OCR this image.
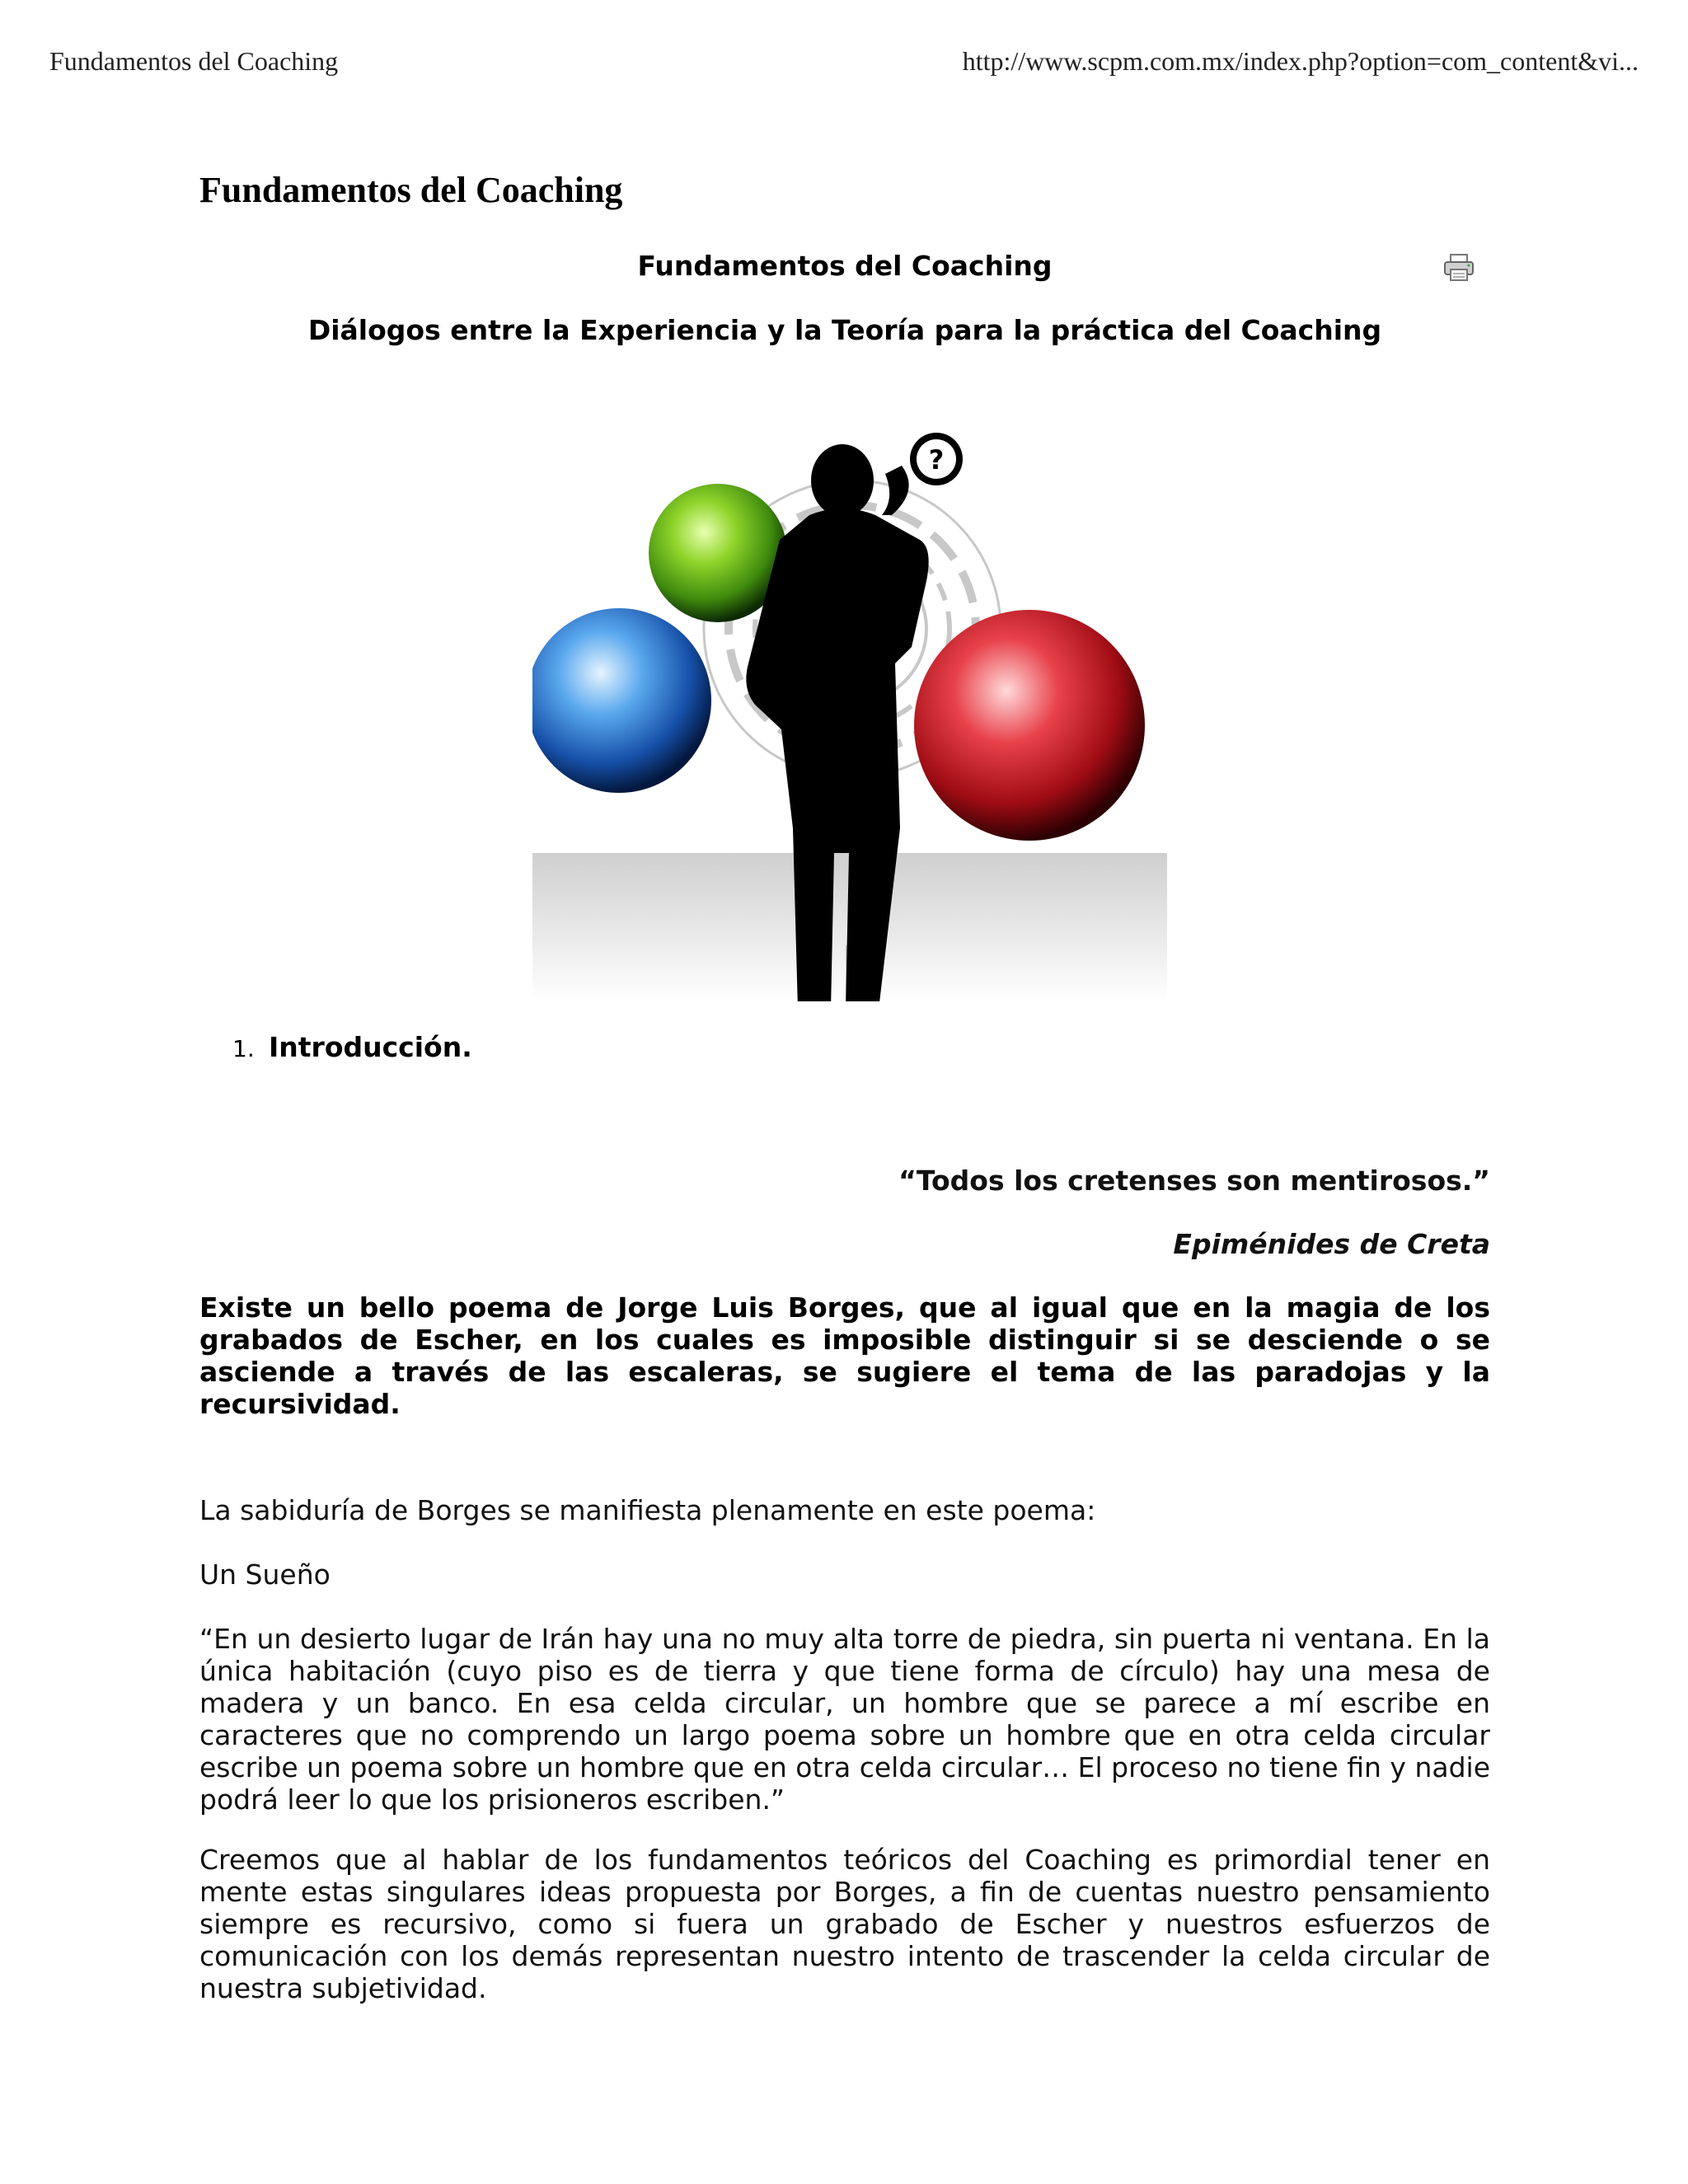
Fundamentos del Coaching	http://www.scpm.com.mx/index.php?option=com_content&vi...
Fundamentos del Coaching
Fundamentos del Coaching
Diálogos entre la Experiencia y la Teoría para la práctica del Coaching
?
1. Introducción.
“Todos los cretenses son mentirosos.”
Epiménides de Creta

Existe un bello poema de Jorge Luis Borges, que al igual que en la magia de los grabados de Escher, en los cuales es imposible distinguir si se desciende o se asciende a través de las escaleras, se sugiere el tema de las paradojas y la recursividad.

La sabiduría de Borges se manifiesta plenamente en este poema:

Un Sueño

“En un desierto lugar de Irán hay una no muy alta torre de piedra, sin puerta ni ventana. En la única habitación (cuyo piso es de tierra y que tiene forma de círculo) hay una mesa de madera y un banco. En esa celda circular, un hombre que se parece a mí escribe en caracteres que no comprendo un largo poema sobre un hombre que en otra celda circular escribe un poema sobre un hombre que en otra celda circular… El proceso no tiene fin y nadie podrá leer lo que los prisioneros escriben.”

Creemos que al hablar de los fundamentos teóricos del Coaching es primordial tener en mente estas singulares ideas propuesta por Borges, a fin de cuentas nuestro pensamiento siempre es recursivo, como si fuera un grabado de Escher y nuestros esfuerzos de comunicación con los demás representan nuestro intento de trascender la celda circular de nuestra subjetividad.
